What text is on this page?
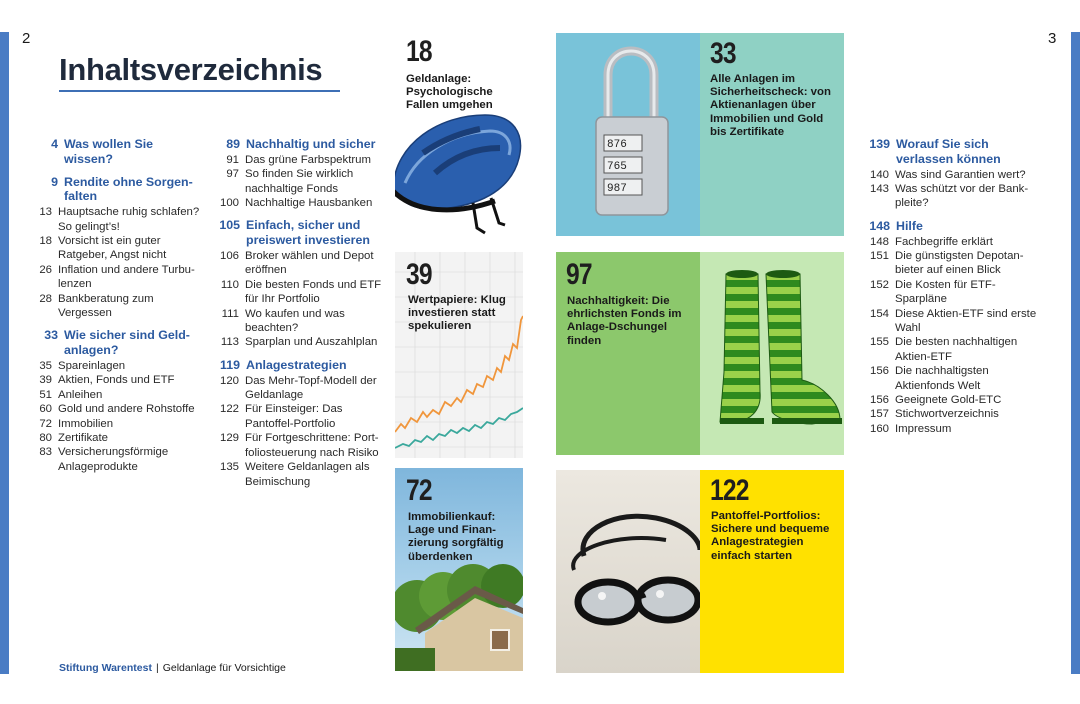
2	3
Inhaltsverzeichnis
4 Was wollen Sie wissen?
9 Rendite ohne Sorgen-falten
13 Hauptsache ruhig schlafen? So gelingt’s!
18 Vorsicht ist ein guter Ratgeber, Angst nicht
26 Inflation und andere Turbu-lenzen
28 Bankberatung zum Vergessen
33 Wie sicher sind Geld-anlagen?
35 Spareinlagen
39 Aktien, Fonds und ETF
51 Anleihen
60 Gold und andere Rohstoffe
72 Immobilien
80 Zertifikate
83 Versicherungsförmige Anlageprodukte
89 Nachhaltig und sicher
91 Das grüne Farbspektrum
97 So finden Sie wirklich nachhaltige Fonds
100 Nachhaltige Hausbanken
105 Einfach, sicher und preiswert investieren
106 Broker wählen und Depot eröffnen
110 Die besten Fonds und ETF für Ihr Portfolio
111 Wo kaufen und was beachten?
113 Sparplan und Auszahlplan
119 Anlagestrategien
120 Das Mehr-Topf-Modell der Geldanlage
122 Für Einsteiger: Das Pantoffel-Portfolio
129 Für Fortgeschrittene: Port-foliosteuerung nach Risiko
135 Weitere Geldanlagen als Beimischung
139 Worauf Sie sich verlassen können
140 Was sind Garantien wert?
143 Was schützt vor der Bank-pleite?
148 Hilfe
148 Fachbegriffe erklärt
151 Die günstigsten Depotan-bieter auf einen Blick
152 Die Kosten für ETF-Sparpläne
154 Diese Aktien-ETF sind erste Wahl
155 Die besten nachhaltigen Aktien-ETF
156 Die nachhaltigsten Aktienfonds Welt
156 Geeignete Gold-ETC
157 Stichwortverzeichnis
160 Impressum
18
Geldanlage: Psychologische Fallen umgehen
39
Wertpapiere: Klug investieren statt spekulieren
72
Immobilienkauf: Lage und Finan-zierung sorgfältig überdenken
876
765
987
33
Alle Anlagen im Sicherheitscheck: von Aktienanlagen über Immobilien und Gold bis Zertifikate
97
Nachhaltigkeit: Die ehrlichsten Fonds im Anlage-Dschungel finden
122
Pantoffel-Portfolios: Sichere und bequeme Anlagestrategien einfach starten
Stiftung Warentest | Geldanlage für Vorsichtige
